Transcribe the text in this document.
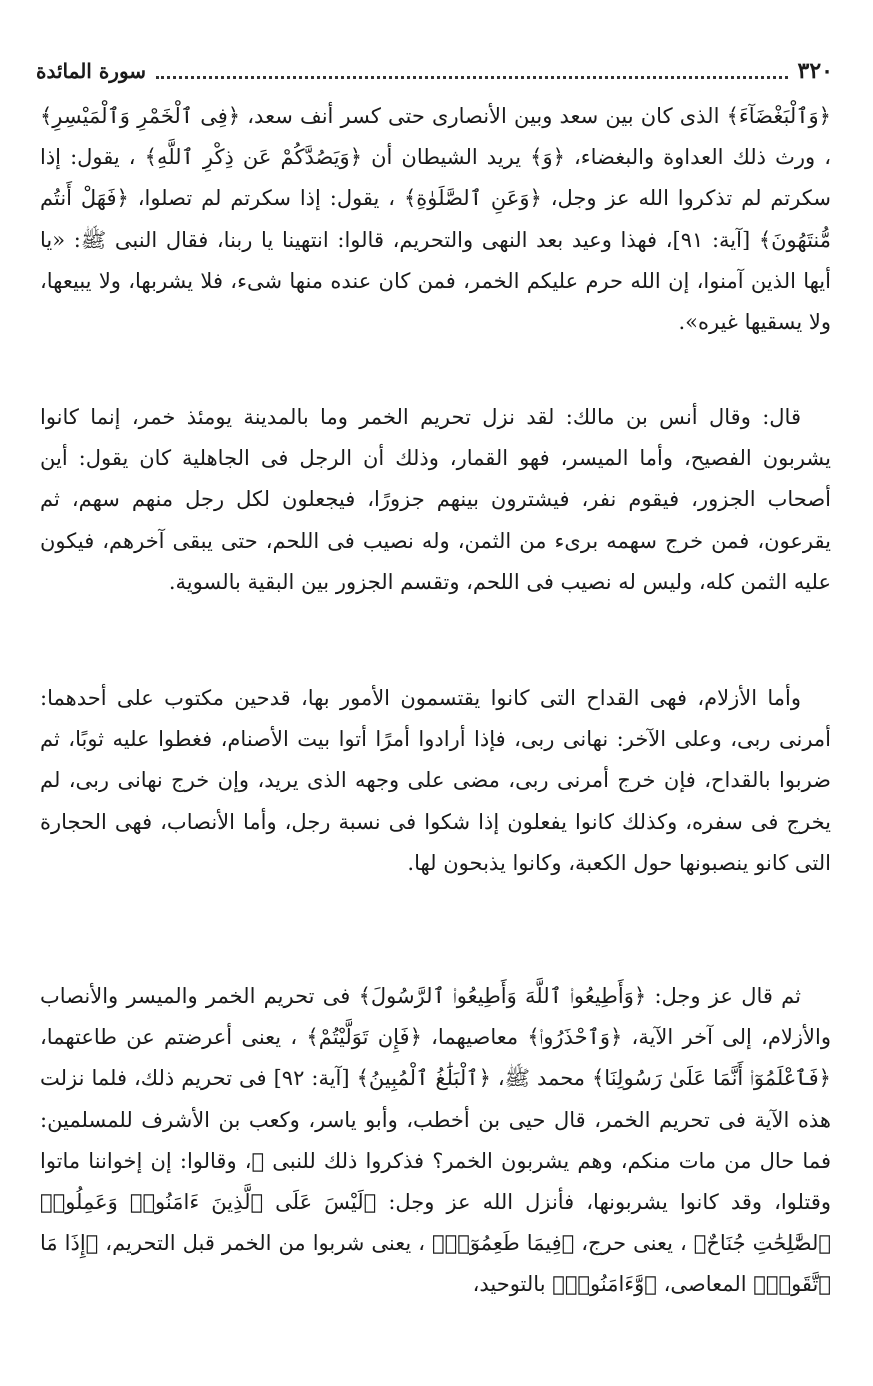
٣٢٠
سورة المائدة

﴿وَٱلْبَغْضَآءَ﴾ الذى كان بين سعد وبين الأنصارى حتى كسر أنف سعد، ﴿فِى ٱلْخَمْرِ وَٱلْمَيْسِرِ﴾ ، ورث ذلك العداوة والبغضاء، ﴿وَ﴾ يريد الشيطان أن ﴿وَيَصُدَّكُمْ عَن ذِكْرِ ٱللَّهِ﴾ ، يقول: إذا سكرتم لم تذكروا الله عز وجل، ﴿وَعَنِ ٱلصَّلَوٰةِ﴾ ، يقول: إذا سكرتم لم تصلوا، ﴿فَهَلْ أَنتُم مُّنتَهُونَ﴾ [آية: ٩١]، فهذا وعيد بعد النهى والتحريم، قالوا: انتهينا يا ربنا، فقال النبى ﷺ: «يا أيها الذين آمنوا، إن الله حرم عليكم الخمر، فمن كان عنده منها شىء، فلا يشربها، ولا يبيعها، ولا يسقيها غيره».

قال: وقال أنس بن مالك: لقد نزل تحريم الخمر وما بالمدينة يومئذ خمر، إنما كانوا يشربون الفصيح، وأما الميسر، فهو القمار، وذلك أن الرجل فى الجاهلية كان يقول: أين أصحاب الجزور، فيقوم نفر، فيشترون بينهم جزورًا، فيجعلون لكل رجل منهم سهم، ثم يقرعون، فمن خرج سهمه برىء من الثمن، وله نصيب فى اللحم، حتى يبقى آخرهم، فيكون عليه الثمن كله، وليس له نصيب فى اللحم، وتقسم الجزور بين البقية بالسوية.

وأما الأزلام، فهى القداح التى كانوا يقتسمون الأمور بها، قدحين مكتوب على أحدهما: أمرنى ربى، وعلى الآخر: نهانى ربى، فإذا أرادوا أمرًا أتوا بيت الأصنام، فغطوا عليه ثوبًا، ثم ضربوا بالقداح، فإن خرج أمرنى ربى، مضى على وجهه الذى يريد، وإن خرج نهانى ربى، لم يخرج فى سفره، وكذلك كانوا يفعلون إذا شكوا فى نسبة رجل، وأما الأنصاب، فهى الحجارة التى كانو ينصبونها حول الكعبة، وكانوا يذبحون لها.

ثم قال عز وجل: ﴿وَأَطِيعُوا۟ ٱللَّهَ وَأَطِيعُوا۟ ٱلرَّسُولَ﴾ فى تحريم الخمر والميسر والأنصاب والأزلام، إلى آخر الآية، ﴿وَٱحْذَرُوا۟﴾ معاصيهما، ﴿فَإِن تَوَلَّيْتُمْ﴾ ، يعنى أعرضتم عن طاعتهما، ﴿فَٱعْلَمُوٓا۟ أَنَّمَا عَلَىٰ رَسُولِنَا﴾ محمد ﷺ، ﴿ٱلْبَلَٰغُ ٱلْمُبِينُ﴾ [آية: ٩٢] فى تحريم ذلك، فلما نزلت هذه الآية فى تحريم الخمر، قال حيى بن أخطب، وأبو ياسر، وكعب بن الأشرف للمسلمين: فما حال من مات منكم، وهم يشربون الخمر؟ فذكروا ذلك للنبى ﷺ، وقالوا: إن إخواننا ماتوا وقتلوا، وقد كانوا يشربونها، فأنزل الله عز وجل: ﴿لَيْسَ عَلَى ٱلَّذِينَ ءَامَنُوا۟ وَعَمِلُوا۟ ٱلصَّٰلِحَٰتِ جُنَاحٌ﴾ ، يعنى حرج، ﴿فِيمَا طَعِمُوٓا۟﴾ ، يعنى شربوا من الخمر قبل التحريم، ﴿إِذَا مَا ٱتَّقَوا۟﴾ المعاصى، ﴿وَّءَامَنُوا۟﴾ بالتوحيد،
